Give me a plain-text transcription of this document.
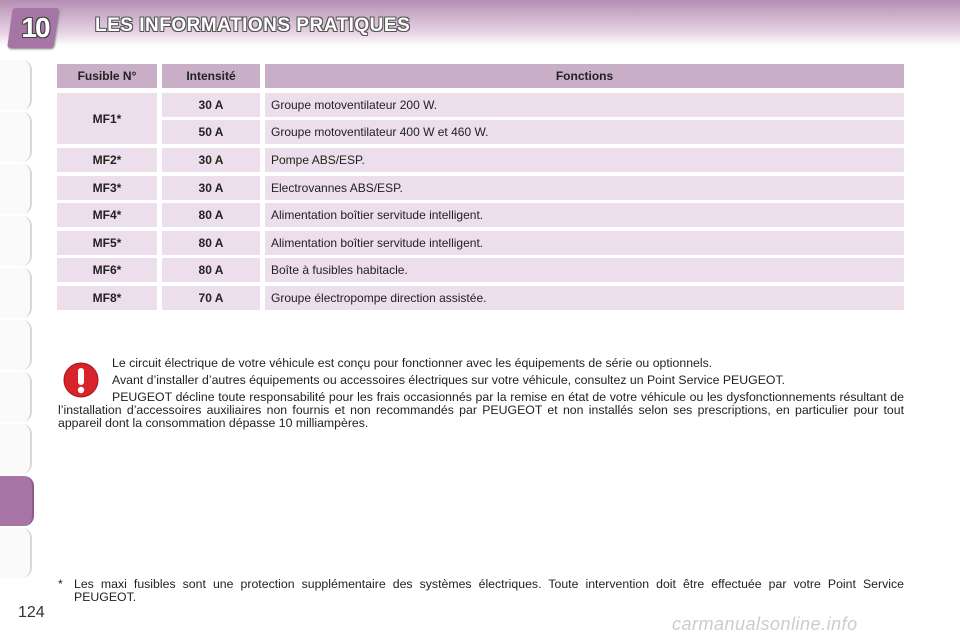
10	LES INFORMATIONS PRATIQUES
Fusible N°	Intensité	Fonctions
MF1*
30 A	Groupe motoventilateur 200 W.
50 A	Groupe motoventilateur 400 W et 460 W.
MF2*	30 A	Pompe ABS/ESP.
MF3*	30 A	Electrovannes ABS/ESP.
MF4*	80 A	Alimentation boîtier servitude intelligent.
MF5*	80 A	Alimentation boîtier servitude intelligent.
MF6*	80 A	Boîte à fusibles habitacle.
MF8*	70 A	Groupe électropompe direction assistée.

Le circuit électrique de votre véhicule est conçu pour fonctionner avec les équipements de série ou optionnels.

Avant d’installer d’autres équipements ou accessoires électriques sur votre véhicule, consultez un Point Service PEUGEOT.

PEUGEOT décline toute responsabilité pour les frais occasionnés par la remise en état de votre véhicule ou les dysfonctionnements résultant de l’installation d’accessoires auxiliaires non fournis et non recommandés par PEUGEOT et non installés selon ses prescriptions, en particulier pour tout appareil dont la consommation dépasse 10 milliampères.

* Les maxi fusibles sont une protection supplémentaire des systèmes électriques. Toute intervention doit être effectuée par votre Point Service PEUGEOT.
124
carmanualsonline.info
